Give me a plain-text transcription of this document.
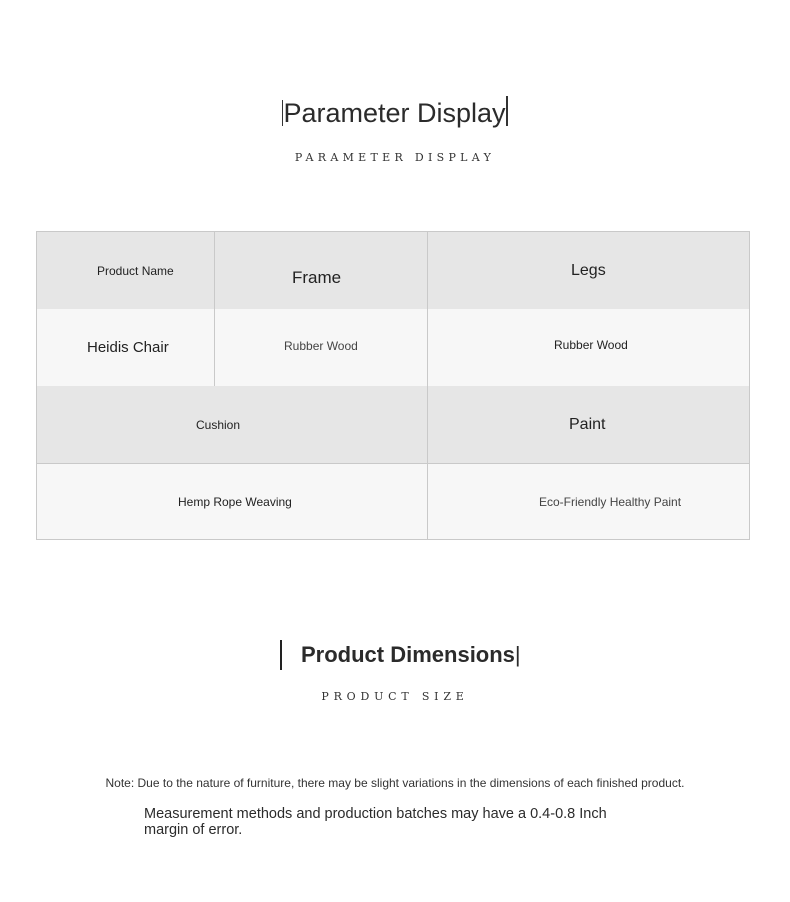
Parameter Display
PARAMETER DISPLAY
Product Name	Frame	Legs
Heidis Chair	Rubber Wood	Rubber Wood
Cushion	Paint
Hemp Rope Weaving	Eco-Friendly Healthy Paint
Product Dimensions|
PRODUCT SIZE
Note: Due to the nature of furniture, there may be slight variations in the dimensions of each finished product.
Measurement methods and production batches may have a 0.4-0.8 Inch margin of error.
